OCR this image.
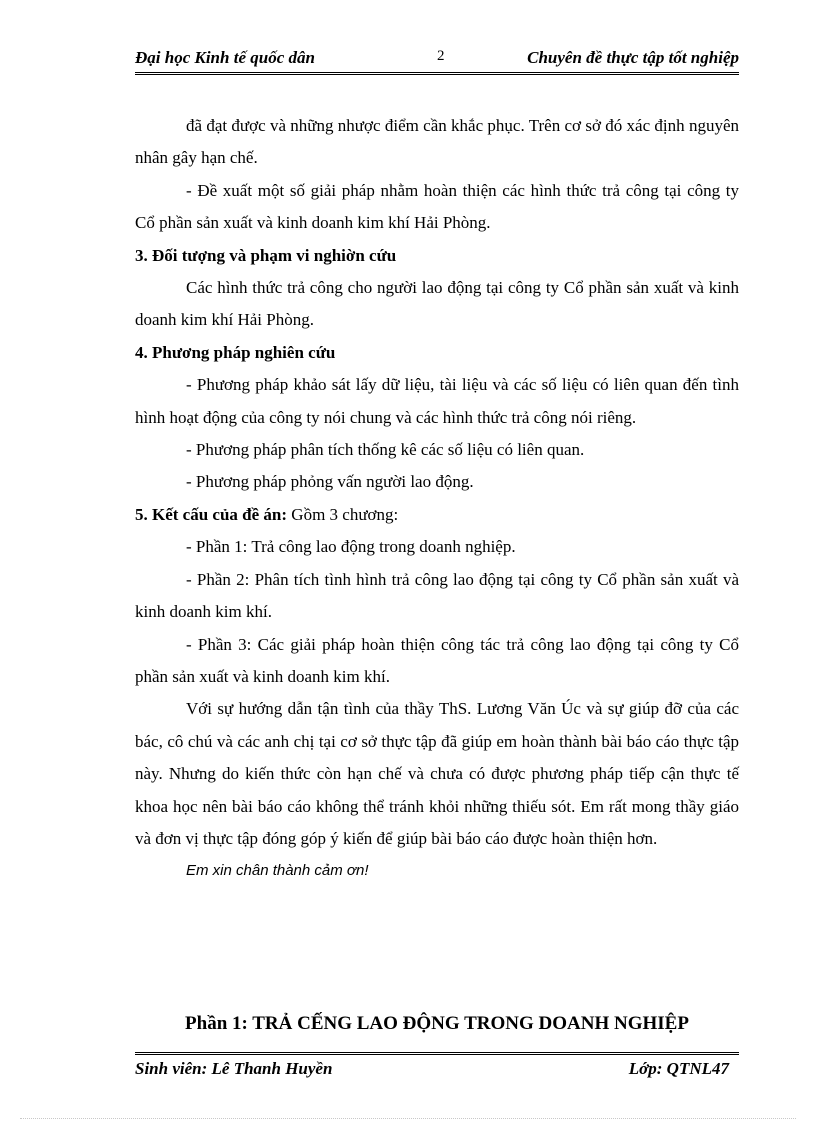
Đại học Kinh tế quốc dân	2	Chuyên đề thực tập tốt nghiệp

đã đạt được và những nhược điểm cần khắc phục. Trên cơ sở đó xác định nguyên nhân gây hạn chế.

- Đề xuất một số giải pháp nhằm hoàn thiện các hình thức trả công tại công ty Cổ phần sản xuất và kinh doanh kim khí Hải Phòng.

3. Đối tượng và phạm vi nghiờn cứu

Các hình thức trả công cho người lao động tại công ty Cổ phần sản xuất và kinh doanh kim khí Hải Phòng.

4. Phương pháp nghiên cứu

- Phương pháp khảo sát lấy dữ liệu, tài liệu và các số liệu có liên quan đến tình hình hoạt động của công ty nói chung và các hình thức trả công nói riêng.

- Phương pháp phân tích thống kê các số liệu có liên quan.

- Phương pháp phỏng vấn người lao động.

5. Kết cấu của đề án: Gồm 3 chương:

- Phần 1: Trả công lao động trong doanh nghiệp.

- Phần 2: Phân tích tình hình trả công lao động tại công ty Cổ phần sản xuất và kinh doanh kim khí.

- Phần 3: Các giải pháp hoàn thiện công tác trả công lao động tại công ty Cổ phần sản xuất và kinh doanh kim khí.

Với sự hướng dẫn tận tình của thầy ThS. Lương Văn Úc và sự giúp đỡ của các bác, cô chú và các anh chị tại cơ sở thực tập đã giúp em hoàn thành bài báo cáo thực tập này. Nhưng do kiến thức còn hạn chế và chưa có được phương pháp tiếp cận thực tế khoa học nên bài báo cáo không thể tránh khỏi những thiếu sót. Em rất mong thầy giáo và đơn vị thực tập đóng góp ý kiến để giúp bài báo cáo được hoàn thiện hơn.

Em xin chân thành cảm ơn!

Phần 1: TRẢ CẾNG LAO ĐỘNG TRONG DOANH NGHIỆP
Sinh viên: Lê Thanh Huyền	Lớp: QTNL47
